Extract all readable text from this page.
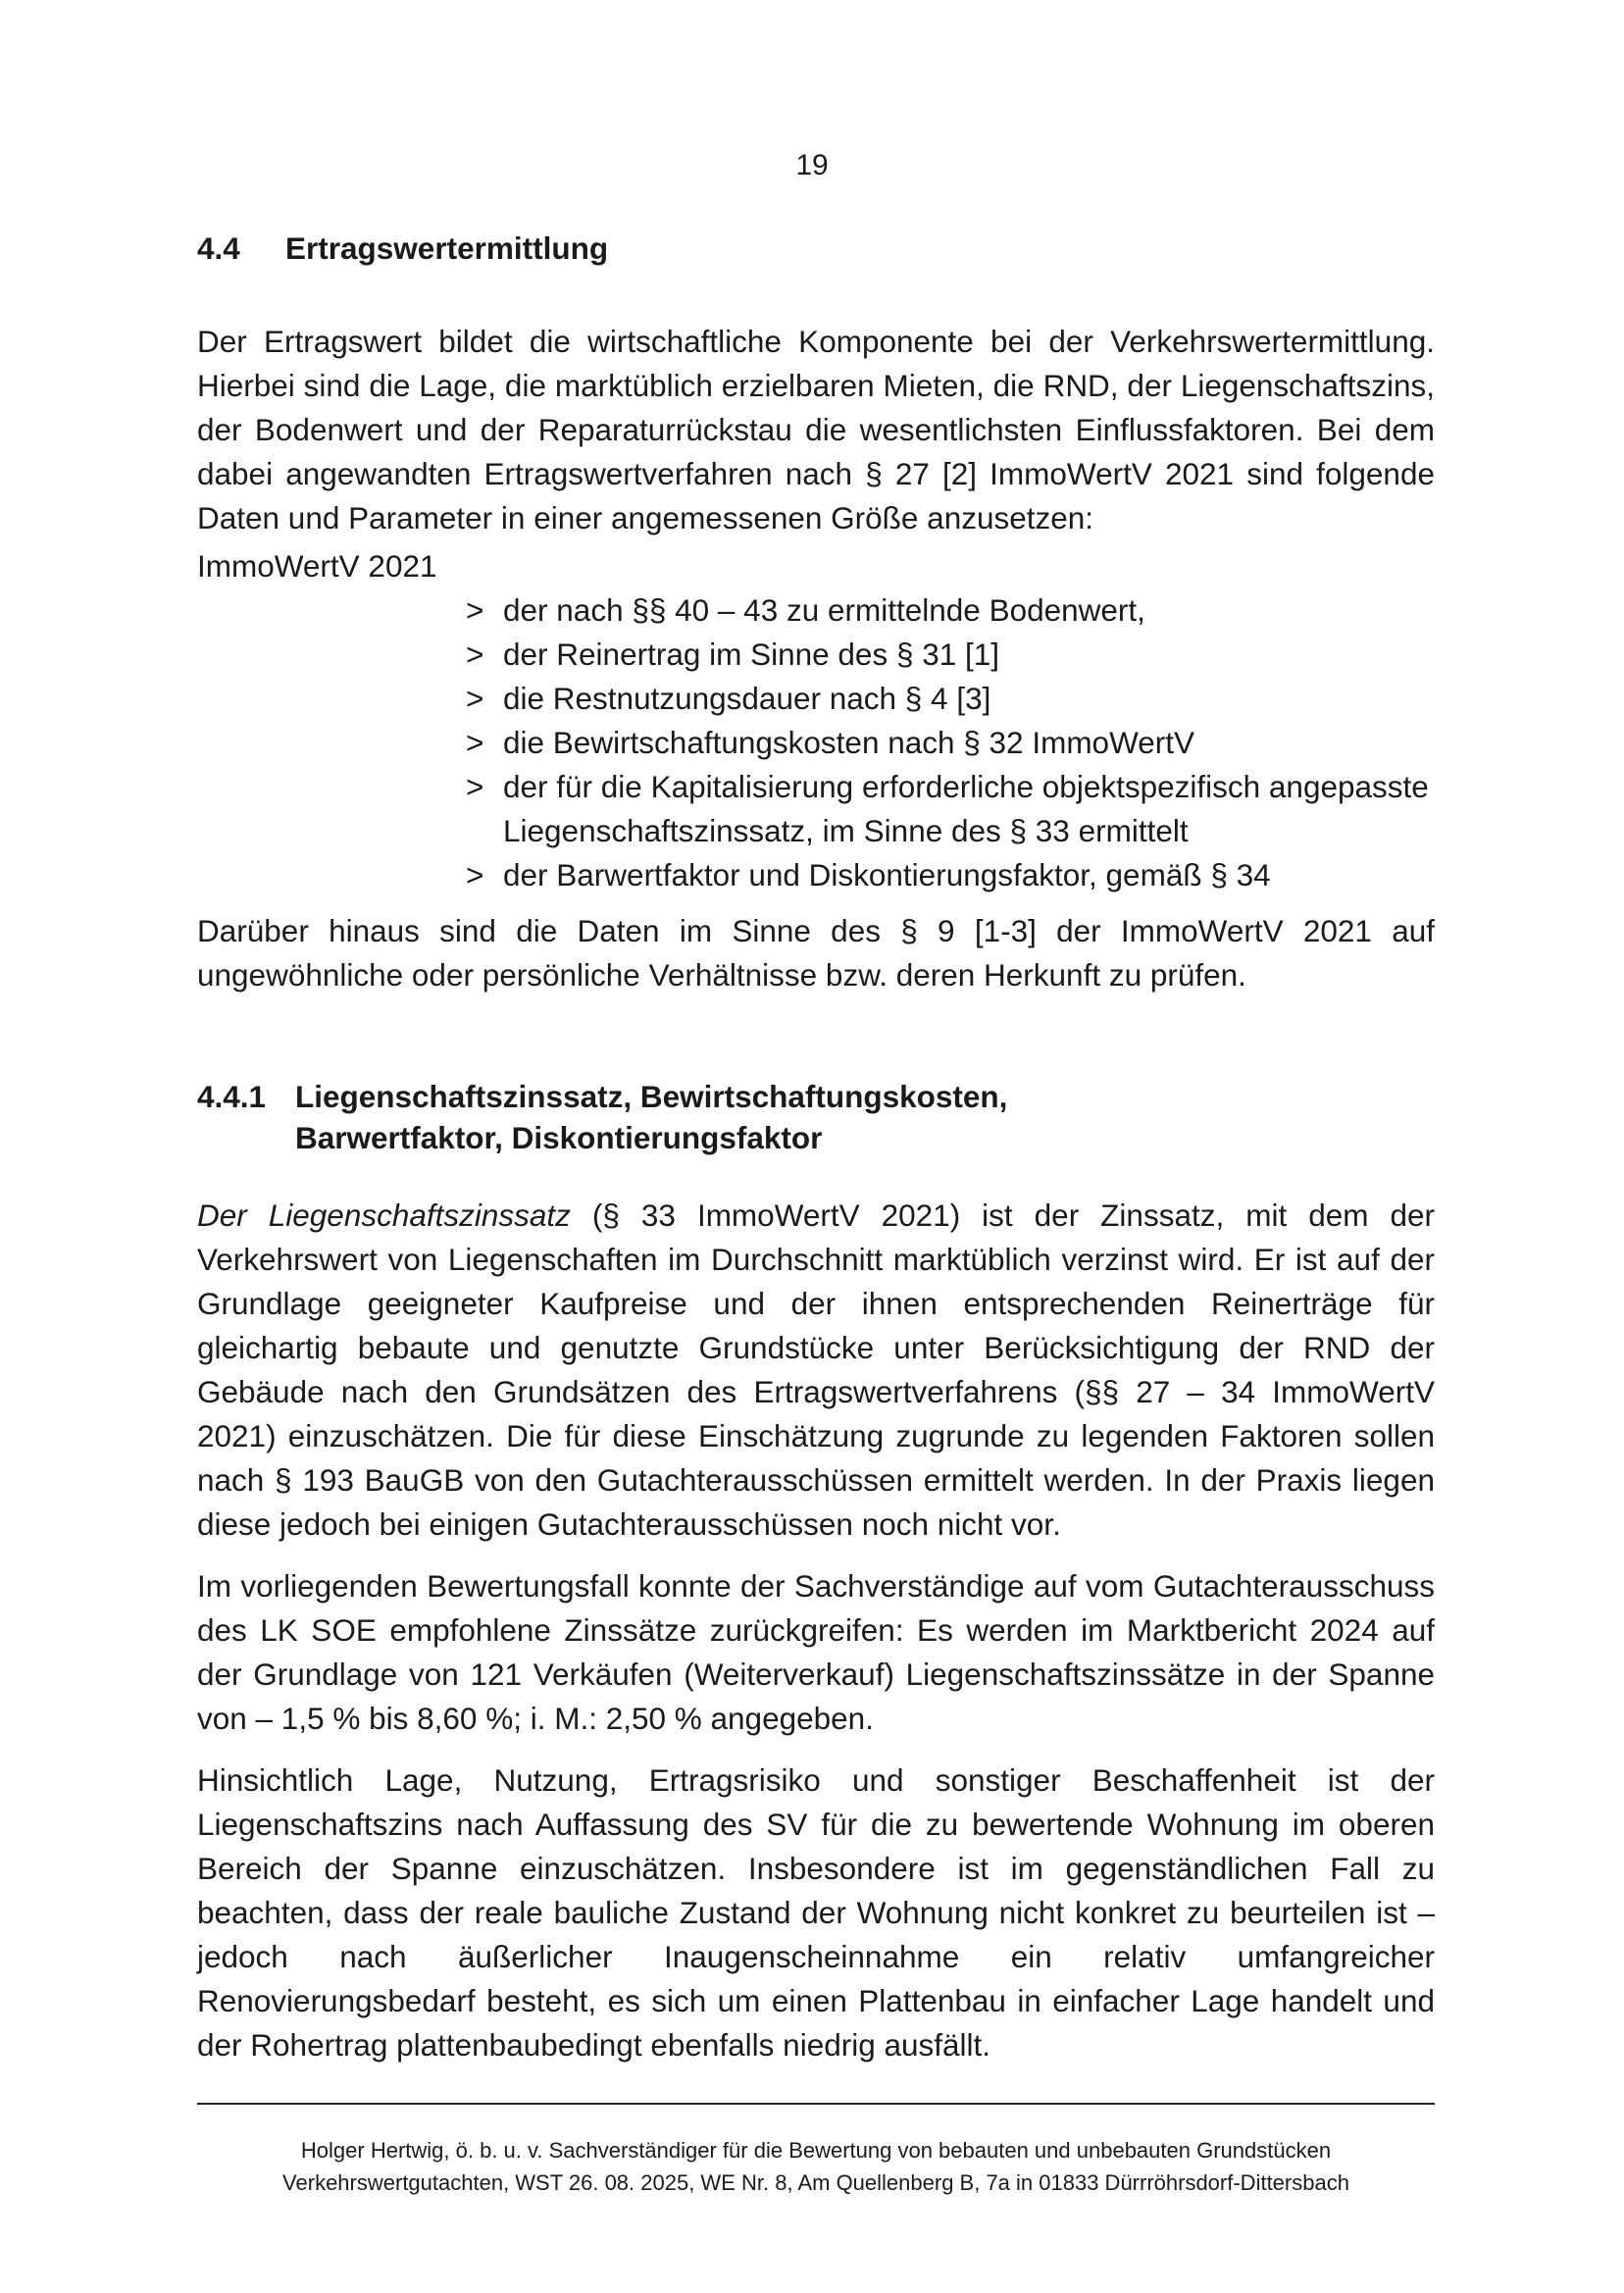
19
4.4	Ertragswertermittlung

Der Ertragswert bildet die wirtschaftliche Komponente bei der Verkehrswertermittlung. Hierbei sind die Lage, die marktüblich erzielbaren Mieten, die RND, der Liegenschaftszins, der Bodenwert und der Reparaturrückstau die wesentlichsten Einflussfaktoren. Bei dem dabei angewandten Ertragswertverfahren nach § 27 [2] ImmoWertV 2021 sind folgende Daten und Parameter in einer angemessenen Größe anzusetzen:

ImmoWertV 2021
> der nach §§ 40 – 43 zu ermittelnde Bodenwert,
> der Reinertrag im Sinne des § 31 [1]
> die Restnutzungsdauer nach § 4 [3]
> die Bewirtschaftungskosten nach § 32 ImmoWertV
> der für die Kapitalisierung erforderliche objektspezifisch angepasste Liegenschaftszinssatz, im Sinne des § 33 ermittelt
> der Barwertfaktor und Diskontierungsfaktor, gemäß § 34

Darüber hinaus sind die Daten im Sinne des § 9 [1-3] der ImmoWertV 2021 auf ungewöhnliche oder persönliche Verhältnisse bzw. deren Herkunft zu prüfen.

4.4.1 Liegenschaftszinssatz, Bewirtschaftungskosten,
Barwertfaktor, Diskontierungsfaktor

Der Liegenschaftszinssatz (§ 33 ImmoWertV 2021) ist der Zinssatz, mit dem der Verkehrswert von Liegenschaften im Durchschnitt marktüblich verzinst wird. Er ist auf der Grundlage geeigneter Kaufpreise und der ihnen entsprechenden Reinerträge für gleichartig bebaute und genutzte Grundstücke unter Berücksichtigung der RND der Gebäude nach den Grundsätzen des Ertragswertverfahrens (§§ 27 – 34 ImmoWertV 2021) einzuschätzen. Die für diese Einschätzung zugrunde zu legenden Faktoren sollen nach § 193 BauGB von den Gutachterausschüssen ermittelt werden. In der Praxis liegen diese jedoch bei einigen Gutachterausschüssen noch nicht vor.

Im vorliegenden Bewertungsfall konnte der Sachverständige auf vom Gutachterausschuss des LK SOE empfohlene Zinssätze zurückgreifen: Es werden im Marktbericht 2024 auf der Grundlage von 121 Verkäufen (Weiterverkauf) Liegenschaftszinssätze in der Spanne von – 1,5 % bis 8,60 %; i. M.: 2,50 % angegeben.

Hinsichtlich Lage, Nutzung, Ertragsrisiko und sonstiger Beschaffenheit ist der Liegenschaftszins nach Auffassung des SV für die zu bewertende Wohnung im oberen Bereich der Spanne einzuschätzen. Insbesondere ist im gegenständlichen Fall zu beachten, dass der reale bauliche Zustand der Wohnung nicht konkret zu beurteilen ist – jedoch nach äußerlicher Inaugenscheinnahme ein relativ umfangreicher Renovierungsbedarf besteht, es sich um einen Plattenbau in einfacher Lage handelt und der Rohertrag plattenbaubedingt ebenfalls niedrig ausfällt.

Holger Hertwig, ö. b. u. v. Sachverständiger für die Bewertung von bebauten und unbebauten Grundstücken
Verkehrswertgutachten, WST 26. 08. 2025, WE Nr. 8, Am Quellenberg B, 7a in 01833 Dürrröhrsdorf-Dittersbach
